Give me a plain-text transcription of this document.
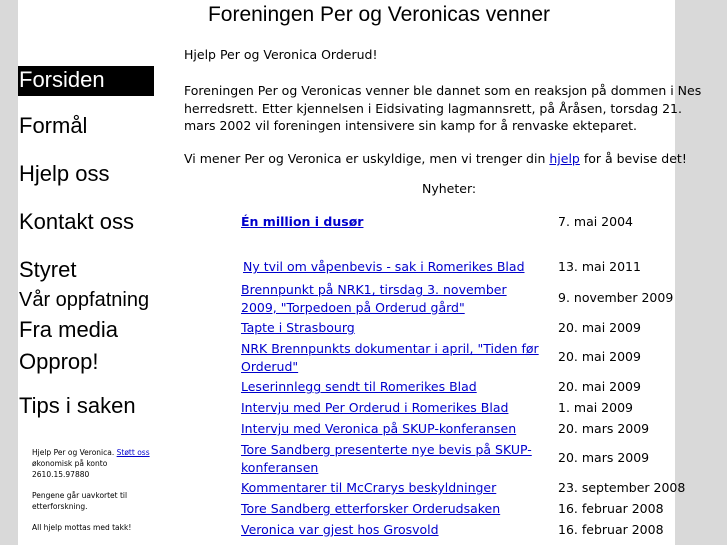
Foreningen Per og Veronicas venner
Forsiden
Formål
Hjelp oss
Kontakt oss
Styret
Vår oppfatning
Fra media
Opprop!
Tips i saken

Hjelp Per og Veronica. Støtt oss økonomisk på konto 2610.15.97880

Pengene går uavkortet til etterforskning.

All hjelp mottas med takk!

Hjelp Per og Veronica Orderud!

Foreningen Per og Veronicas venner ble dannet som en reaksjon på dommen i Nes herredsrett. Etter kjennelsen i Eidsivating lagmannsrett, på Åråsen, torsdag 21. mars 2002 vil foreningen intensivere sin kamp for å renvaske ekteparet.

Vi mener Per og Veronica er uskyldige, men vi trenger din hjelp for å bevise det!

Nyheter:
Én million i dusør	7. mai 2004
Ny tvil om våpenbevis - sak i Romerikes Blad	13. mai 2011
Brennpunkt på NRK1, tirsdag 3. november 2009, "Torpedoen på Orderud gård"
9. november 2009
Tapte i Strasbourg	20. mai 2009
NRK Brennpunkts dokumentar i april, "Tiden før Orderud"
20. mai 2009
Leserinnlegg sendt til Romerikes Blad	20. mai 2009
Intervju med Per Orderud i Romerikes Blad	1. mai 2009
Intervju med Veronica på SKUP-konferansen	20. mars 2009
Tore Sandberg presenterte nye bevis på SKUP-konferansen
20. mars 2009
Kommentarer til McCrarys beskyldninger	23. september 2008
Tore Sandberg etterforsker Orderudsaken	16. februar 2008
Veronica var gjest hos Grosvold	16. februar 2008
